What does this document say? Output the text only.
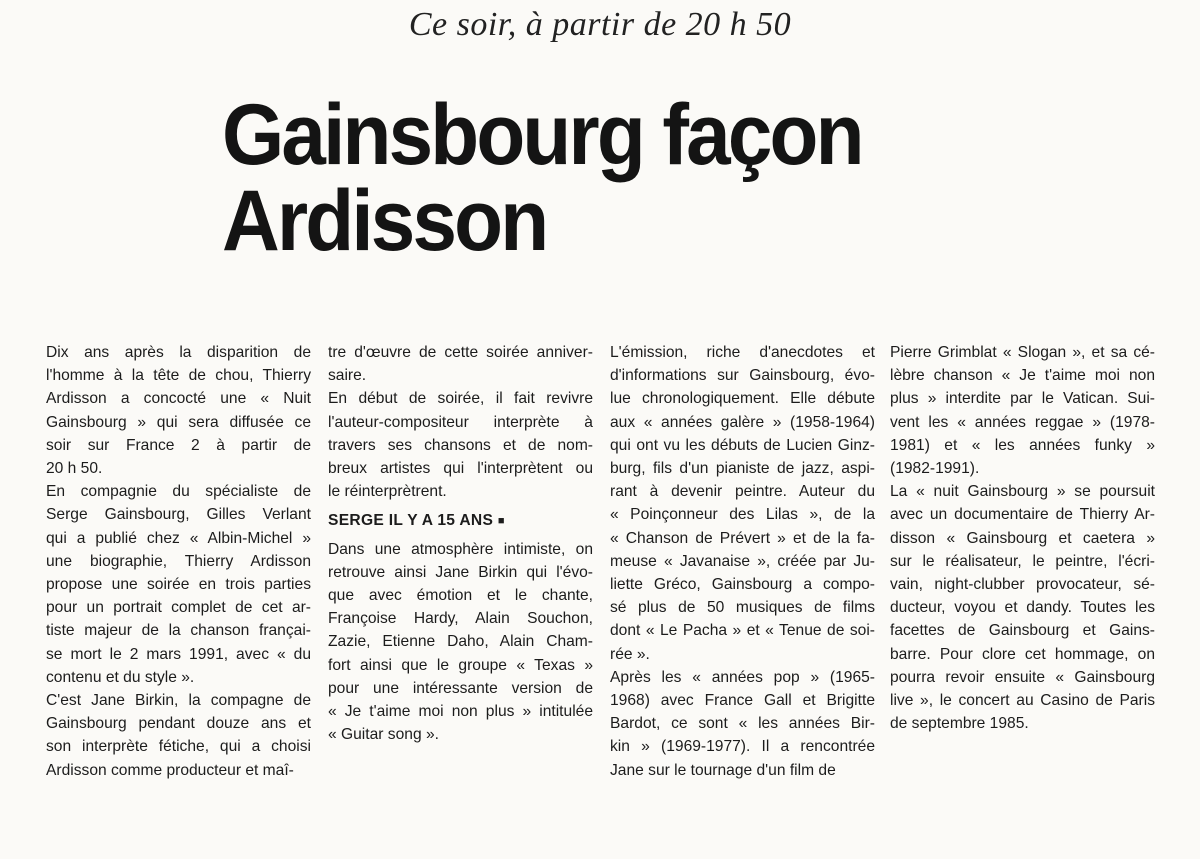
Ce soir, à partir de 20 h 50
Gainsbourg façon
Ardisson
Dix ans après la disparition de
l'homme à la tête de chou, Thierry
Ardisson a concocté une « Nuit
Gainsbourg » qui sera diffusée ce
soir sur France 2 à partir de
20 h 50.
En compagnie du spécialiste de
Serge Gainsbourg, Gilles Verlant
qui a publié chez « Albin-Michel »
une biographie, Thierry Ardisson
propose une soirée en trois parties
pour un portrait complet de cet ar-
tiste majeur de la chanson françai-
se mort le 2 mars 1991, avec « du
contenu et du style ».
C'est Jane Birkin, la compagne de
Gainsbourg pendant douze ans et
son interprète fétiche, qui a choisi
Ardisson comme producteur et maî-
tre d'œuvre de cette soirée anniver-
saire.
En début de soirée, il fait revivre
l'auteur-compositeur interprète à
travers ses chansons et de nom-
breux artistes qui l'interprètent ou
le réinterprètrent.
SERGE IL Y A 15 ANS ■
Dans une atmosphère intimiste, on
retrouve ainsi Jane Birkin qui l'évo-
que avec émotion et le chante,
Françoise Hardy, Alain Souchon,
Zazie, Etienne Daho, Alain Cham-
fort ainsi que le groupe « Texas »
pour une intéressante version de
« Je t'aime moi non plus » intitulée
« Guitar song ».
L'émission, riche d'anecdotes et
d'informations sur Gainsbourg, évo-
lue chronologiquement. Elle débute
aux « années galère » (1958-1964)
qui ont vu les débuts de Lucien Ginz-
burg, fils d'un pianiste de jazz, aspi-
rant à devenir peintre. Auteur du
« Poinçonneur des Lilas », de la
« Chanson de Prévert » et de la fa-
meuse « Javanaise », créée par Ju-
liette Gréco, Gainsbourg a compo-
sé plus de 50 musiques de films
dont « Le Pacha » et « Tenue de soi-
rée ».
Après les « années pop » (1965-
1968) avec France Gall et Brigitte
Bardot, ce sont « les années Bir-
kin » (1969-1977). Il a rencontrée
Jane sur le tournage d'un film de
Pierre Grimblat « Slogan », et sa cé-
lèbre chanson « Je t'aime moi non
plus » interdite par le Vatican. Sui-
vent les « années reggae » (1978-
1981) et « les années funky »
(1982-1991).
La « nuit Gainsbourg » se poursuit
avec un documentaire de Thierry Ar-
disson « Gainsbourg et caetera »
sur le réalisateur, le peintre, l'écri-
vain, night-clubber provocateur, sé-
ducteur, voyou et dandy. Toutes les
facettes de Gainsbourg et Gains-
barre. Pour clore cet hommage, on
pourra revoir ensuite « Gainsbourg
live », le concert au Casino de Paris
de septembre 1985.
